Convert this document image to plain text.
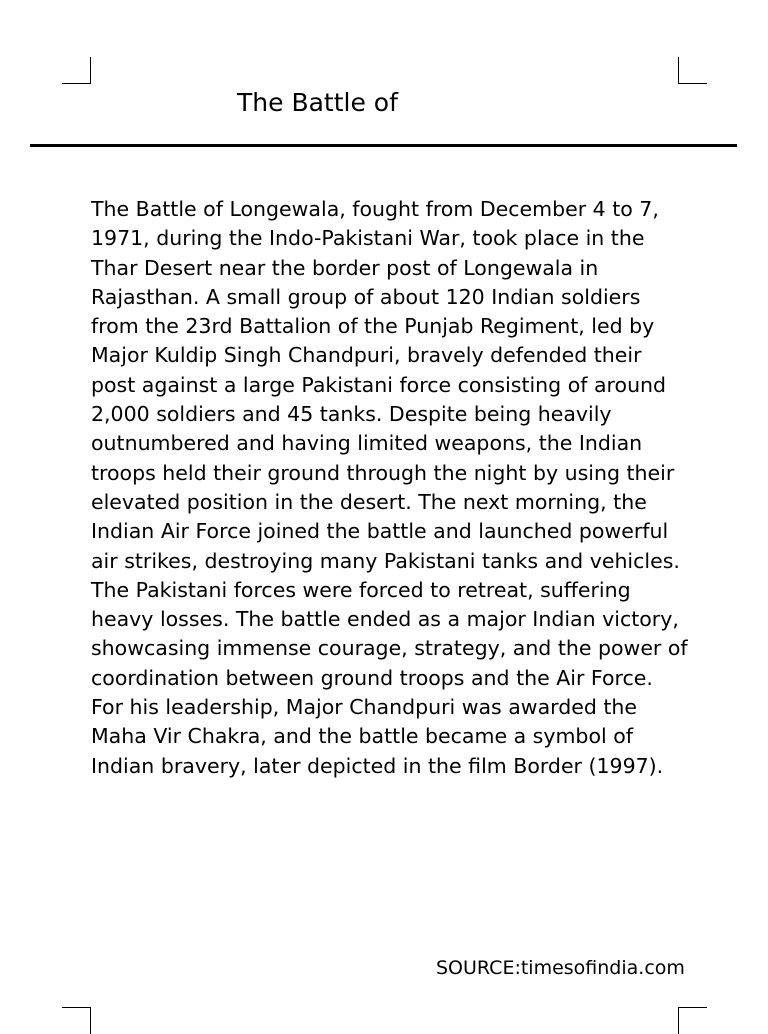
The Battle of

The Battle of Longewala, fought from December 4 to 7, 1971, during the Indo-Pakistani War, took place in the Thar Desert near the border post of Longewala in Rajasthan. A small group of about 120 Indian soldiers from the 23rd Battalion of the Punjab Regiment, led by Major Kuldip Singh Chandpuri, bravely defended their post against a large Pakistani force consisting of around 2,000 soldiers and 45 tanks. Despite being heavily outnumbered and having limited weapons, the Indian troops held their ground through the night by using their elevated position in the desert. The next morning, the Indian Air Force joined the battle and launched powerful air strikes, destroying many Pakistani tanks and vehicles. The Pakistani forces were forced to retreat, suffering heavy losses. The battle ended as a major Indian victory, showcasing immense courage, strategy, and the power of coordination between ground troops and the Air Force. For his leadership, Major Chandpuri was awarded the Maha Vir Chakra, and the battle became a symbol of Indian bravery, later depicted in the film Border (1997).

SOURCE:timesofindia.com
